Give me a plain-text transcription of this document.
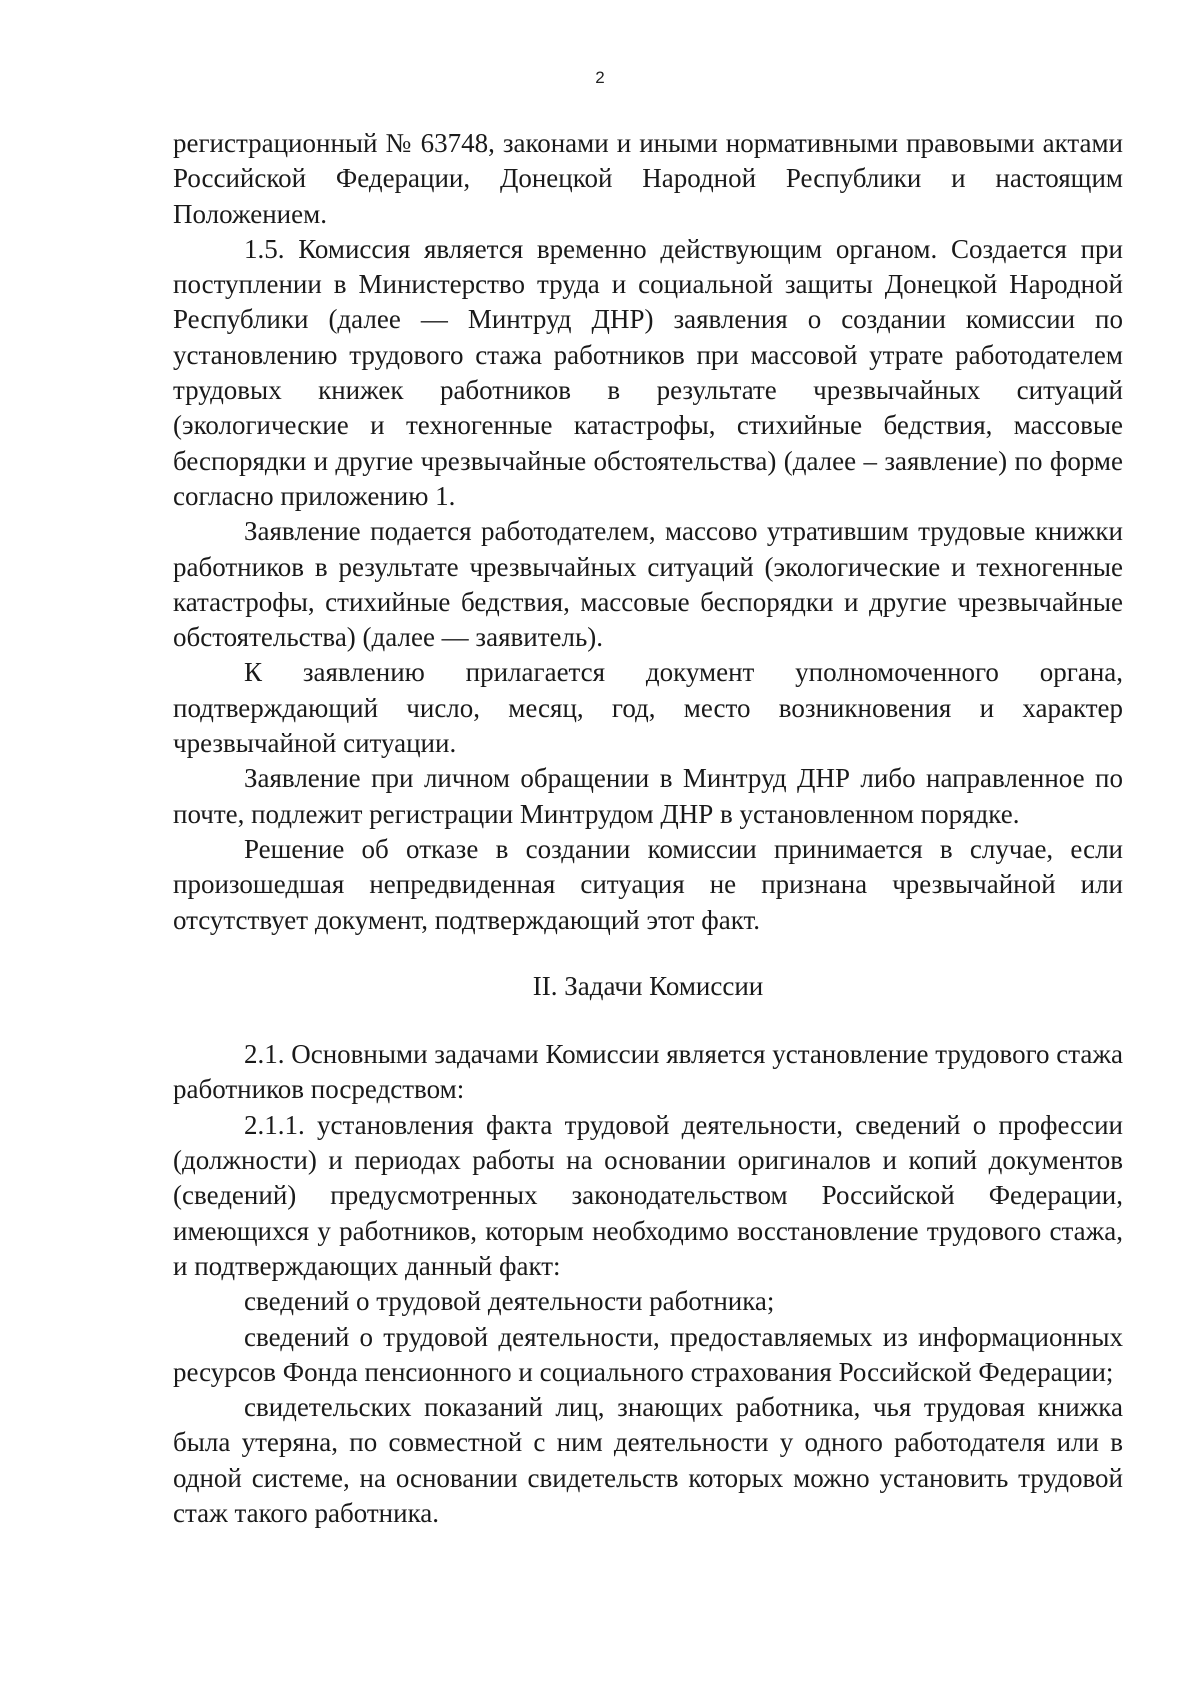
2

регистрационный № 63748, законами и иными нормативными правовыми актами Российской Федерации, Донецкой Народной Республики и настоящим Положением.

1.5. Комиссия является временно действующим органом. Создается при поступлении в Министерство труда и социальной защиты Донецкой Народной Республики (далее — Минтруд ДНР) заявления о создании комиссии по установлению трудового стажа работников при массовой утрате работодателем трудовых книжек работников в результате чрезвычайных ситуаций (экологические и техногенные катастрофы, стихийные бедствия, массовые беспорядки и другие чрезвычайные обстоятельства) (далее – заявление) по форме согласно приложению 1.

Заявление подается работодателем, массово утратившим трудовые книжки работников в результате чрезвычайных ситуаций (экологические и техногенные катастрофы, стихийные бедствия, массовые беспорядки и другие чрезвычайные обстоятельства) (далее — заявитель).

К заявлению прилагается документ уполномоченного органа, подтверждающий число, месяц, год, место возникновения и характер чрезвычайной ситуации.

Заявление при личном обращении в Минтруд ДНР либо направленное по почте, подлежит регистрации Минтрудом ДНР в установленном порядке.

Решение об отказе в создании комиссии принимается в случае, если произошедшая непредвиденная ситуация не признана чрезвычайной или отсутствует документ, подтверждающий этот факт.

II. Задачи Комиссии

2.1. Основными задачами Комиссии является установление трудового стажа работников посредством:

2.1.1. установления факта трудовой деятельности, сведений о профессии (должности) и периодах работы на основании оригиналов и копий документов (сведений) предусмотренных законодательством Российской Федерации, имеющихся у работников, которым необходимо восстановление трудового стажа, и подтверждающих данный факт:

сведений о трудовой деятельности работника;

сведений о трудовой деятельности, предоставляемых из информационных ресурсов Фонда пенсионного и социального страхования Российской Федерации;

свидетельских показаний лиц, знающих работника, чья трудовая книжка была утеряна, по совместной с ним деятельности у одного работодателя или в одной системе, на основании свидетельств которых можно установить трудовой стаж такого работника.
